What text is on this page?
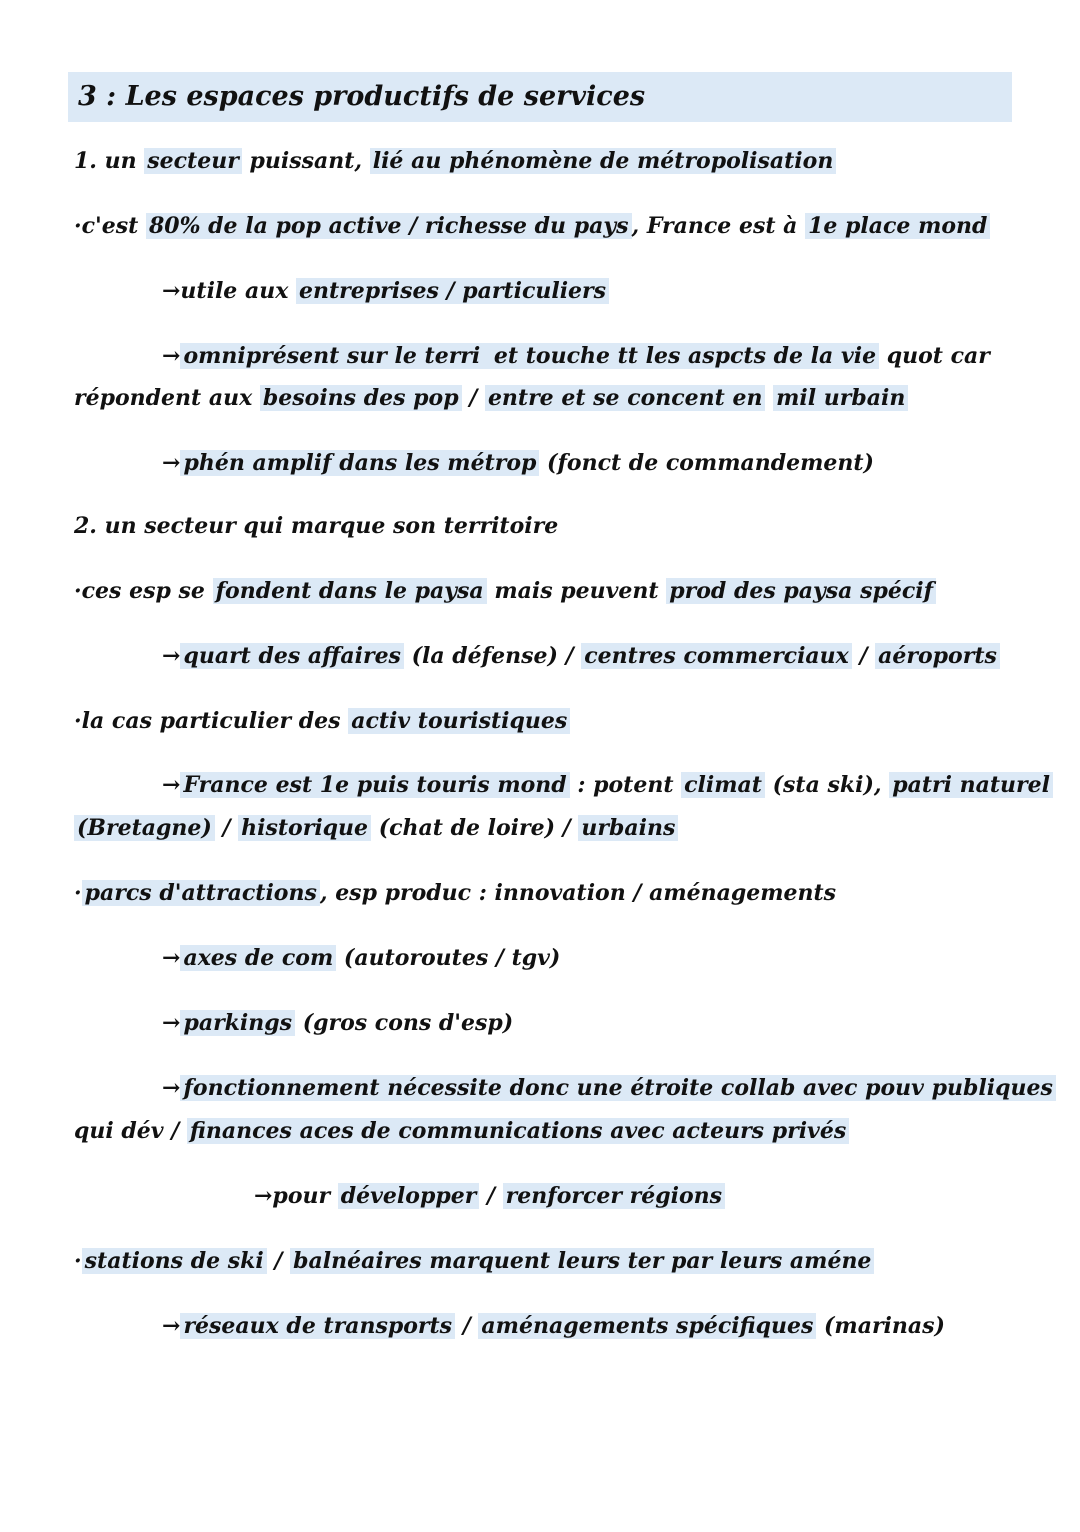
3 : Les espaces productifs de services
1. un secteur puissant, lié au phénomène de métropolisation
·c'est 80% de la pop active / richesse du pays , France est à 1e place mond
→utile aux entreprises / particuliers
→ omniprésent sur le terri et touche tt les aspcts de la vie quot car
répondent aux besoins des pop / entre et se concent en mil urbain
→ phén amplif dans les métrop (fonct de commandement)
2. un secteur qui marque son territoire
·ces esp se fondent dans le paysa mais peuvent prod des paysa spécif
→ quart des affaires (la défense) / centres commerciaux / aéroports
·la cas particulier des activ touristiques
→ France est 1e puis touris mond : potent climat (sta ski), patri naturel
(Bretagne) / historique (chat de loire) / urbains
· parcs d'attractions , esp produc : innovation / aménagements
→ axes de com (autoroutes / tgv)
→ parkings (gros cons d'esp)
→ fonctionnement nécessite donc une étroite collab avec pouv publiques
qui dév / finances aces de communications avec acteurs privés
→pour développer / renforcer régions
· stations de ski / balnéaires marquent leurs ter par leurs améne
→ réseaux de transports / aménagements spécifiques (marinas)
